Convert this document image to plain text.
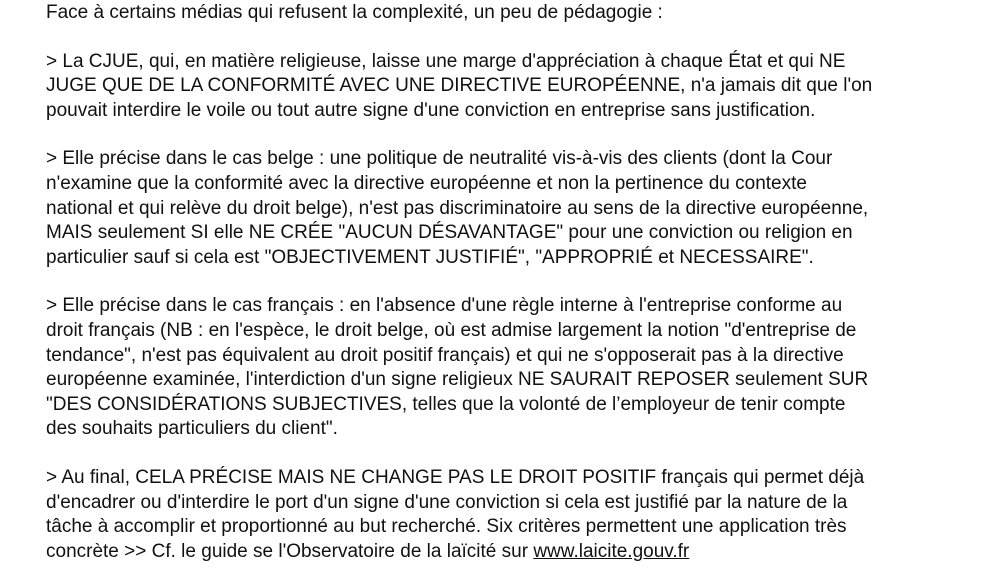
Face à certains médias qui refusent la complexité, un peu de pédagogie :
> La CJUE, qui, en matière religieuse, laisse une marge d'appréciation à chaque État et qui NE
JUGE QUE DE LA CONFORMITÉ AVEC UNE DIRECTIVE EUROPÉENNE, n'a jamais dit que l'on
pouvait interdire le voile ou tout autre signe d'une conviction en entreprise sans justification.
> Elle précise dans le cas belge : une politique de neutralité vis-à-vis des clients (dont la Cour
n'examine que la conformité avec la directive européenne et non la pertinence du contexte
national et qui relève du droit belge), n'est pas discriminatoire au sens de la directive européenne,
MAIS seulement SI elle NE CRÉE "AUCUN DÉSAVANTAGE" pour une conviction ou religion en
particulier sauf si cela est "OBJECTIVEMENT JUSTIFIÉ", "APPROPRIÉ et NECESSAIRE".
> Elle précise dans le cas français : en l'absence d'une règle interne à l'entreprise conforme au
droit français (NB : en l'espèce, le droit belge, où est admise largement la notion "d'entreprise de
tendance", n'est pas équivalent au droit positif français) et qui ne s'opposerait pas à la directive
européenne examinée, l'interdiction d'un signe religieux NE SAURAIT REPOSER seulement SUR
"DES CONSIDÉRATIONS SUBJECTIVES, telles que la volonté de l’employeur de tenir compte
des souhaits particuliers du client".
> Au final, CELA PRÉCISE MAIS NE CHANGE PAS LE DROIT POSITIF français qui permet déjà
d'encadrer ou d'interdire le port d'un signe d'une conviction si cela est justifié par la nature de la
tâche à accomplir et proportionné au but recherché. Six critères permettent une application très
concrète >> Cf. le guide se l'Observatoire de la laïcité sur www.laicite.gouv.fr
